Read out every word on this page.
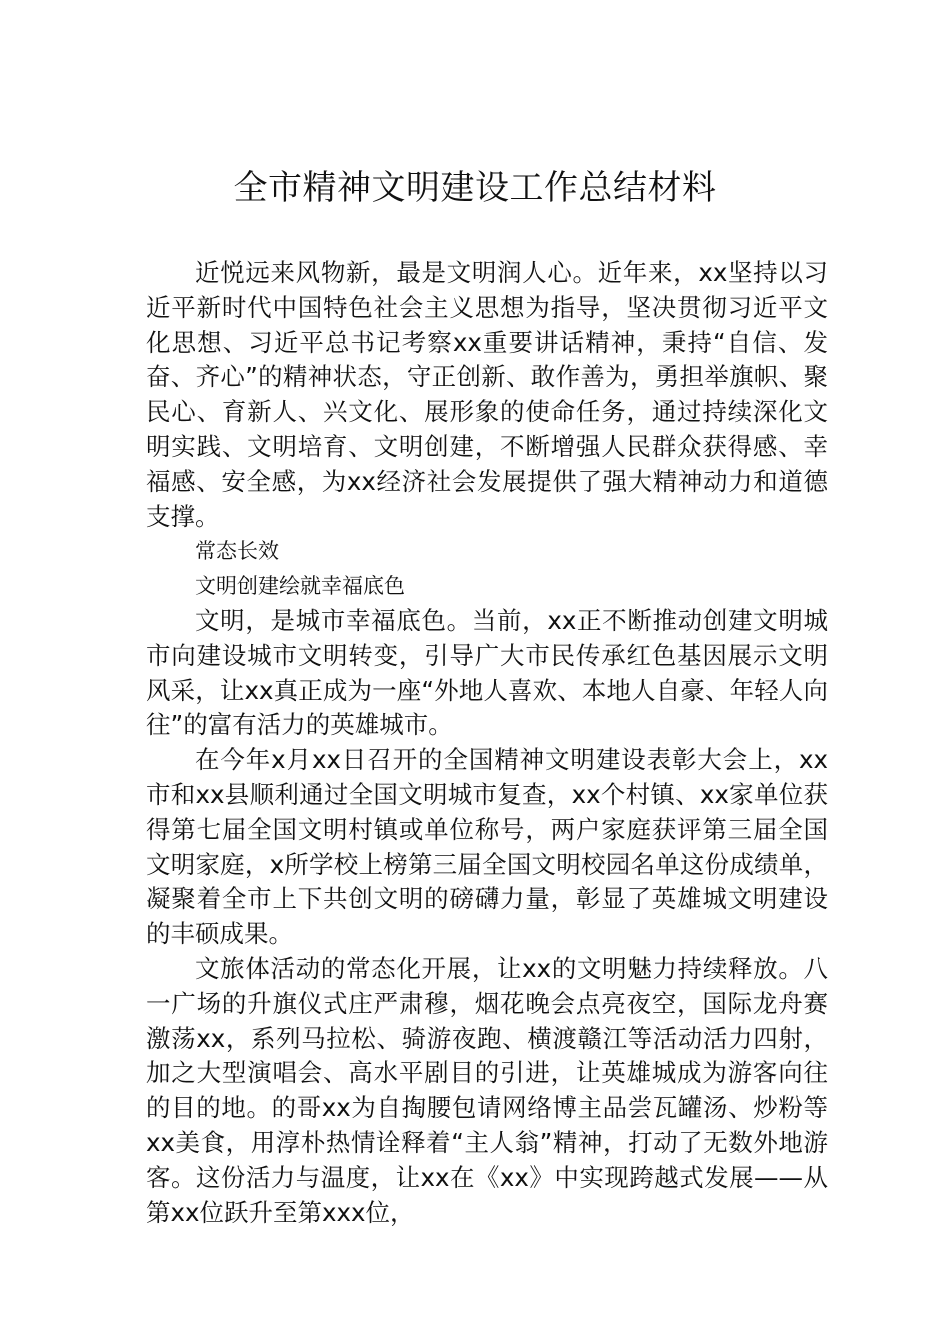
全市精神文明建设工作总结材料

近悦远来风物新，最是文明润人心。近年来，xx坚持以习近平新时代中国特色社会主义思想为指导，坚决贯彻习近平文化思想、习近平总书记考察xx重要讲话精神，秉持“自信、发奋、齐心”的精神状态，守正创新、敢作善为，勇担举旗帜、聚民心、育新人、兴文化、展形象的使命任务，通过持续深化文明实践、文明培育、文明创建，不断增强人民群众获得感、幸福感、安全感，为xx经济社会发展提供了强大精神动力和道德支撑。

常态长效

文明创建绘就幸福底色

文明，是城市幸福底色。当前，xx正不断推动创建文明城市向建设城市文明转变，引导广大市民传承红色基因展示文明风采，让xx真正成为一座“外地人喜欢、本地人自豪、年轻人向往”的富有活力的英雄城市。

在今年x月xx日召开的全国精神文明建设表彰大会上，xx市和xx县顺利通过全国文明城市复查，xx个村镇、xx家单位获得第七届全国文明村镇或单位称号，两户家庭获评第三届全国文明家庭，x所学校上榜第三届全国文明校园名单这份成绩单，凝聚着全市上下共创文明的磅礴力量，彰显了英雄城文明建设的丰硕成果。

文旅体活动的常态化开展，让xx的文明魅力持续释放。八一广场的升旗仪式庄严肃穆，烟花晚会点亮夜空，国际龙舟赛激荡xx，系列马拉松、骑游夜跑、横渡赣江等活动活力四射，加之大型演唱会、高水平剧目的引进，让英雄城成为游客向往的目的地。的哥xx为自掏腰包请网络博主品尝瓦罐汤、炒粉等xx美食，用淳朴热情诠释着“主人翁”精神，打动了无数外地游客。这份活力与温度，让xx在《xx》中实现跨越式发展——从第xx位跃升至第xxx位，
